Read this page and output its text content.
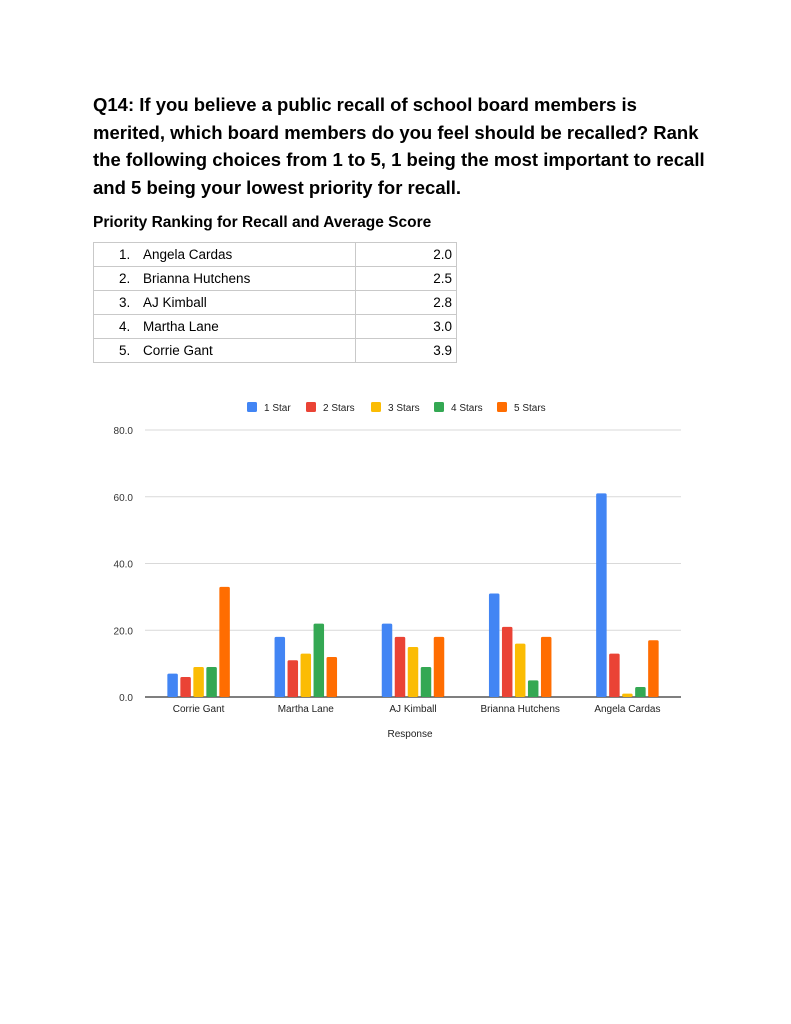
Q14: If you believe a public recall of school board members is merited, which board members do you feel should be recalled? Rank the following choices from 1 to 5, 1 being the most important to recall and 5 being your lowest priority for recall.

Priority Ranking for Recall and Average Score

1. Angela Cardas	2.0
2. Brianna Hutchens	2.5
3. AJ Kimball	2.8
4. Martha Lane	3.0
5. Corrie Gant	3.9
0.0
20.0
40.0
60.0
80.0
Corrie Gant	Martha Lane	AJ Kimball	Brianna Hutchens	Angela Cardas
Response
1 Star	2 Stars	3 Stars	4 Stars	5 Stars
